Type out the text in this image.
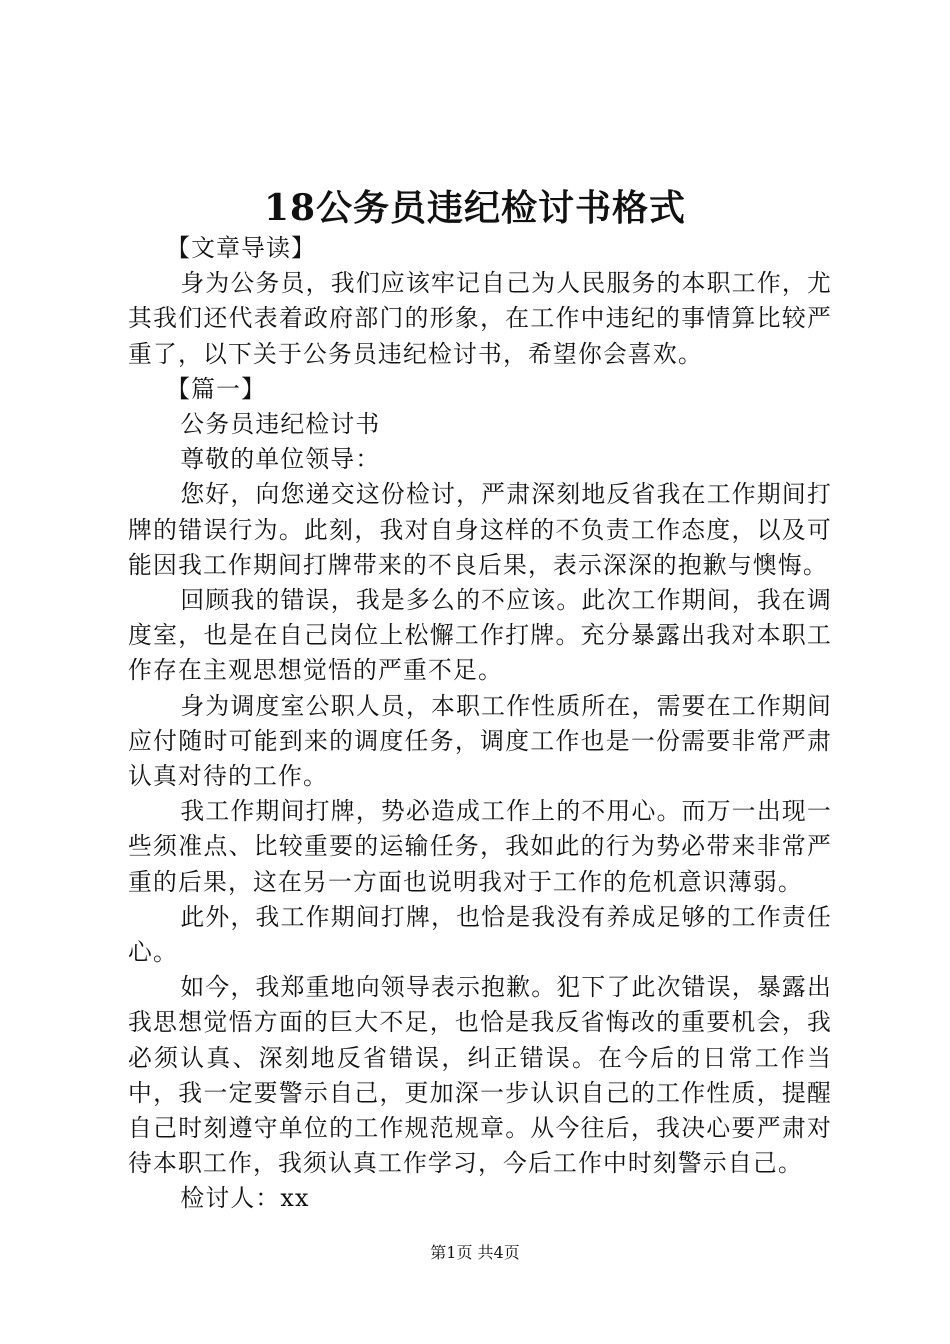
18公务员违纪检讨书格式

【文章导读】

身为公务员，我们应该牢记自己为人民服务的本职工作，尤其我们还代表着政府部门的形象，在工作中违纪的事情算比较严重了，以下关于公务员违纪检讨书，希望你会喜欢。

【篇一】

公务员违纪检讨书

尊敬的单位领导：

您好，向您递交这份检讨，严肃深刻地反省我在工作期间打牌的错误行为。此刻，我对自身这样的不负责工作态度，以及可能因我工作期间打牌带来的不良后果，表示深深的抱歉与懊悔。

回顾我的错误，我是多么的不应该。此次工作期间，我在调度室，也是在自己岗位上松懈工作打牌。充分暴露出我对本职工作存在主观思想觉悟的严重不足。

身为调度室公职人员，本职工作性质所在，需要在工作期间应付随时可能到来的调度任务，调度工作也是一份需要非常严肃认真对待的工作。

我工作期间打牌，势必造成工作上的不用心。而万一出现一些须准点、比较重要的运输任务，我如此的行为势必带来非常严重的后果，这在另一方面也说明我对于工作的危机意识薄弱。

此外，我工作期间打牌，也恰是我没有养成足够的工作责任心。

如今，我郑重地向领导表示抱歉。犯下了此次错误，暴露出我思想觉悟方面的巨大不足，也恰是我反省悔改的重要机会，我必须认真、深刻地反省错误，纠正错误。在今后的日常工作当中，我一定要警示自己，更加深一步认识自己的工作性质，提醒自己时刻遵守单位的工作规范规章。从今往后，我决心要严肃对待本职工作，我须认真工作学习，今后工作中时刻警示自己。

检讨人：xx

第1页 共4页
